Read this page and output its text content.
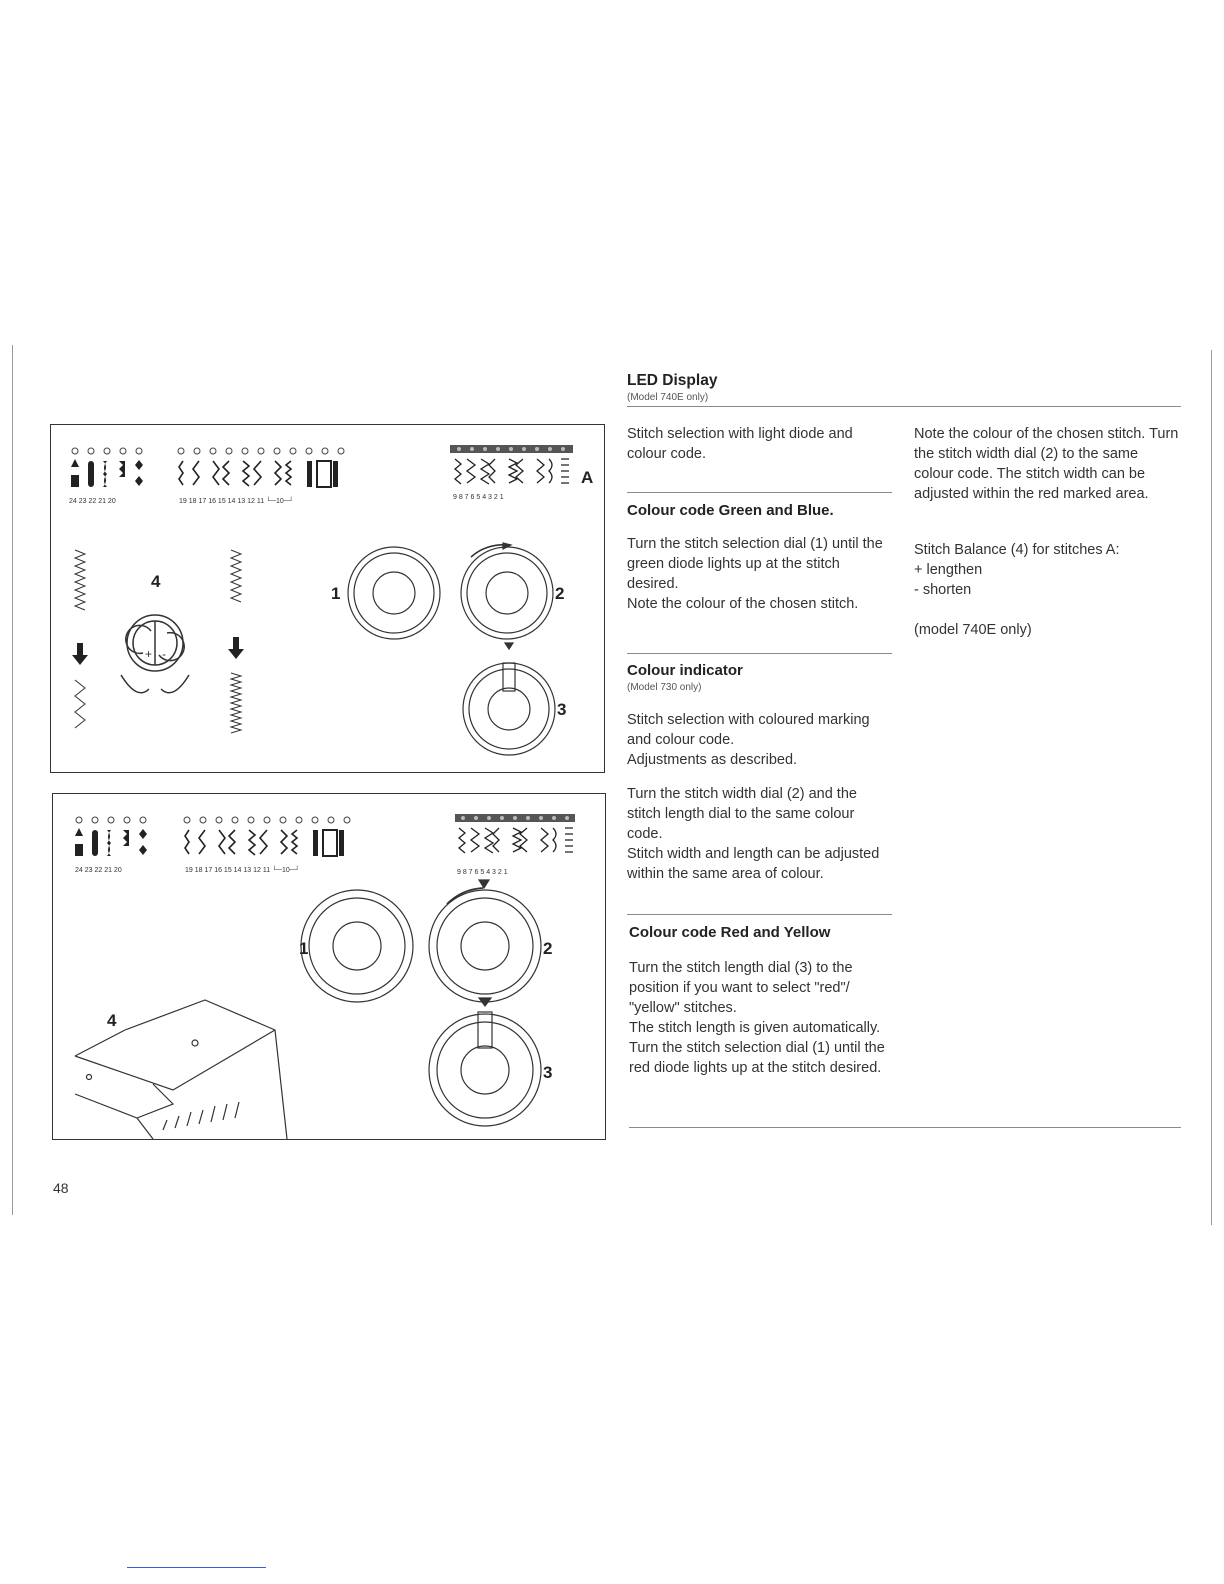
24 23 22 21 20	19 18 17 16 15 14 13 12 11 └─10─┘
A
9 8 7 6 5 4 3 2 1
4
+ -
1	2
3
24 23 22 21 20	19 18 17 16 15 14 13 12 11 └─10─┘	9 8 7 6 5 4 3 2 1
1	2
3
4
LED Display
(Model 740E only)
Stitch selection with light diode and colour code.
Colour code Green and Blue.

Turn the stitch selection dial (1) until the green diode lights up at the stitch desired.

Note the colour of the chosen stitch.

Colour indicator
(Model 730 only)

Stitch selection with coloured marking and colour code.

Adjustments as described.

Turn the stitch width dial (2) and the stitch length dial to the same colour code.

Stitch width and length can be adjusted within the same area of colour.

Colour code Red and Yellow

Turn the stitch length dial (3) to the position if you want to select "red"/ "yellow" stitches.

The stitch length is given automatically.

Turn the stitch selection dial (1) until the red diode lights up at the stitch desired.

Note the colour of the chosen stitch. Turn the stitch width dial (2) to the same colour code. The stitch width can be adjusted within the red marked area.

Stitch Balance (4) for stitches A:

+ lengthen

- shorten

(model 740E only)
48
